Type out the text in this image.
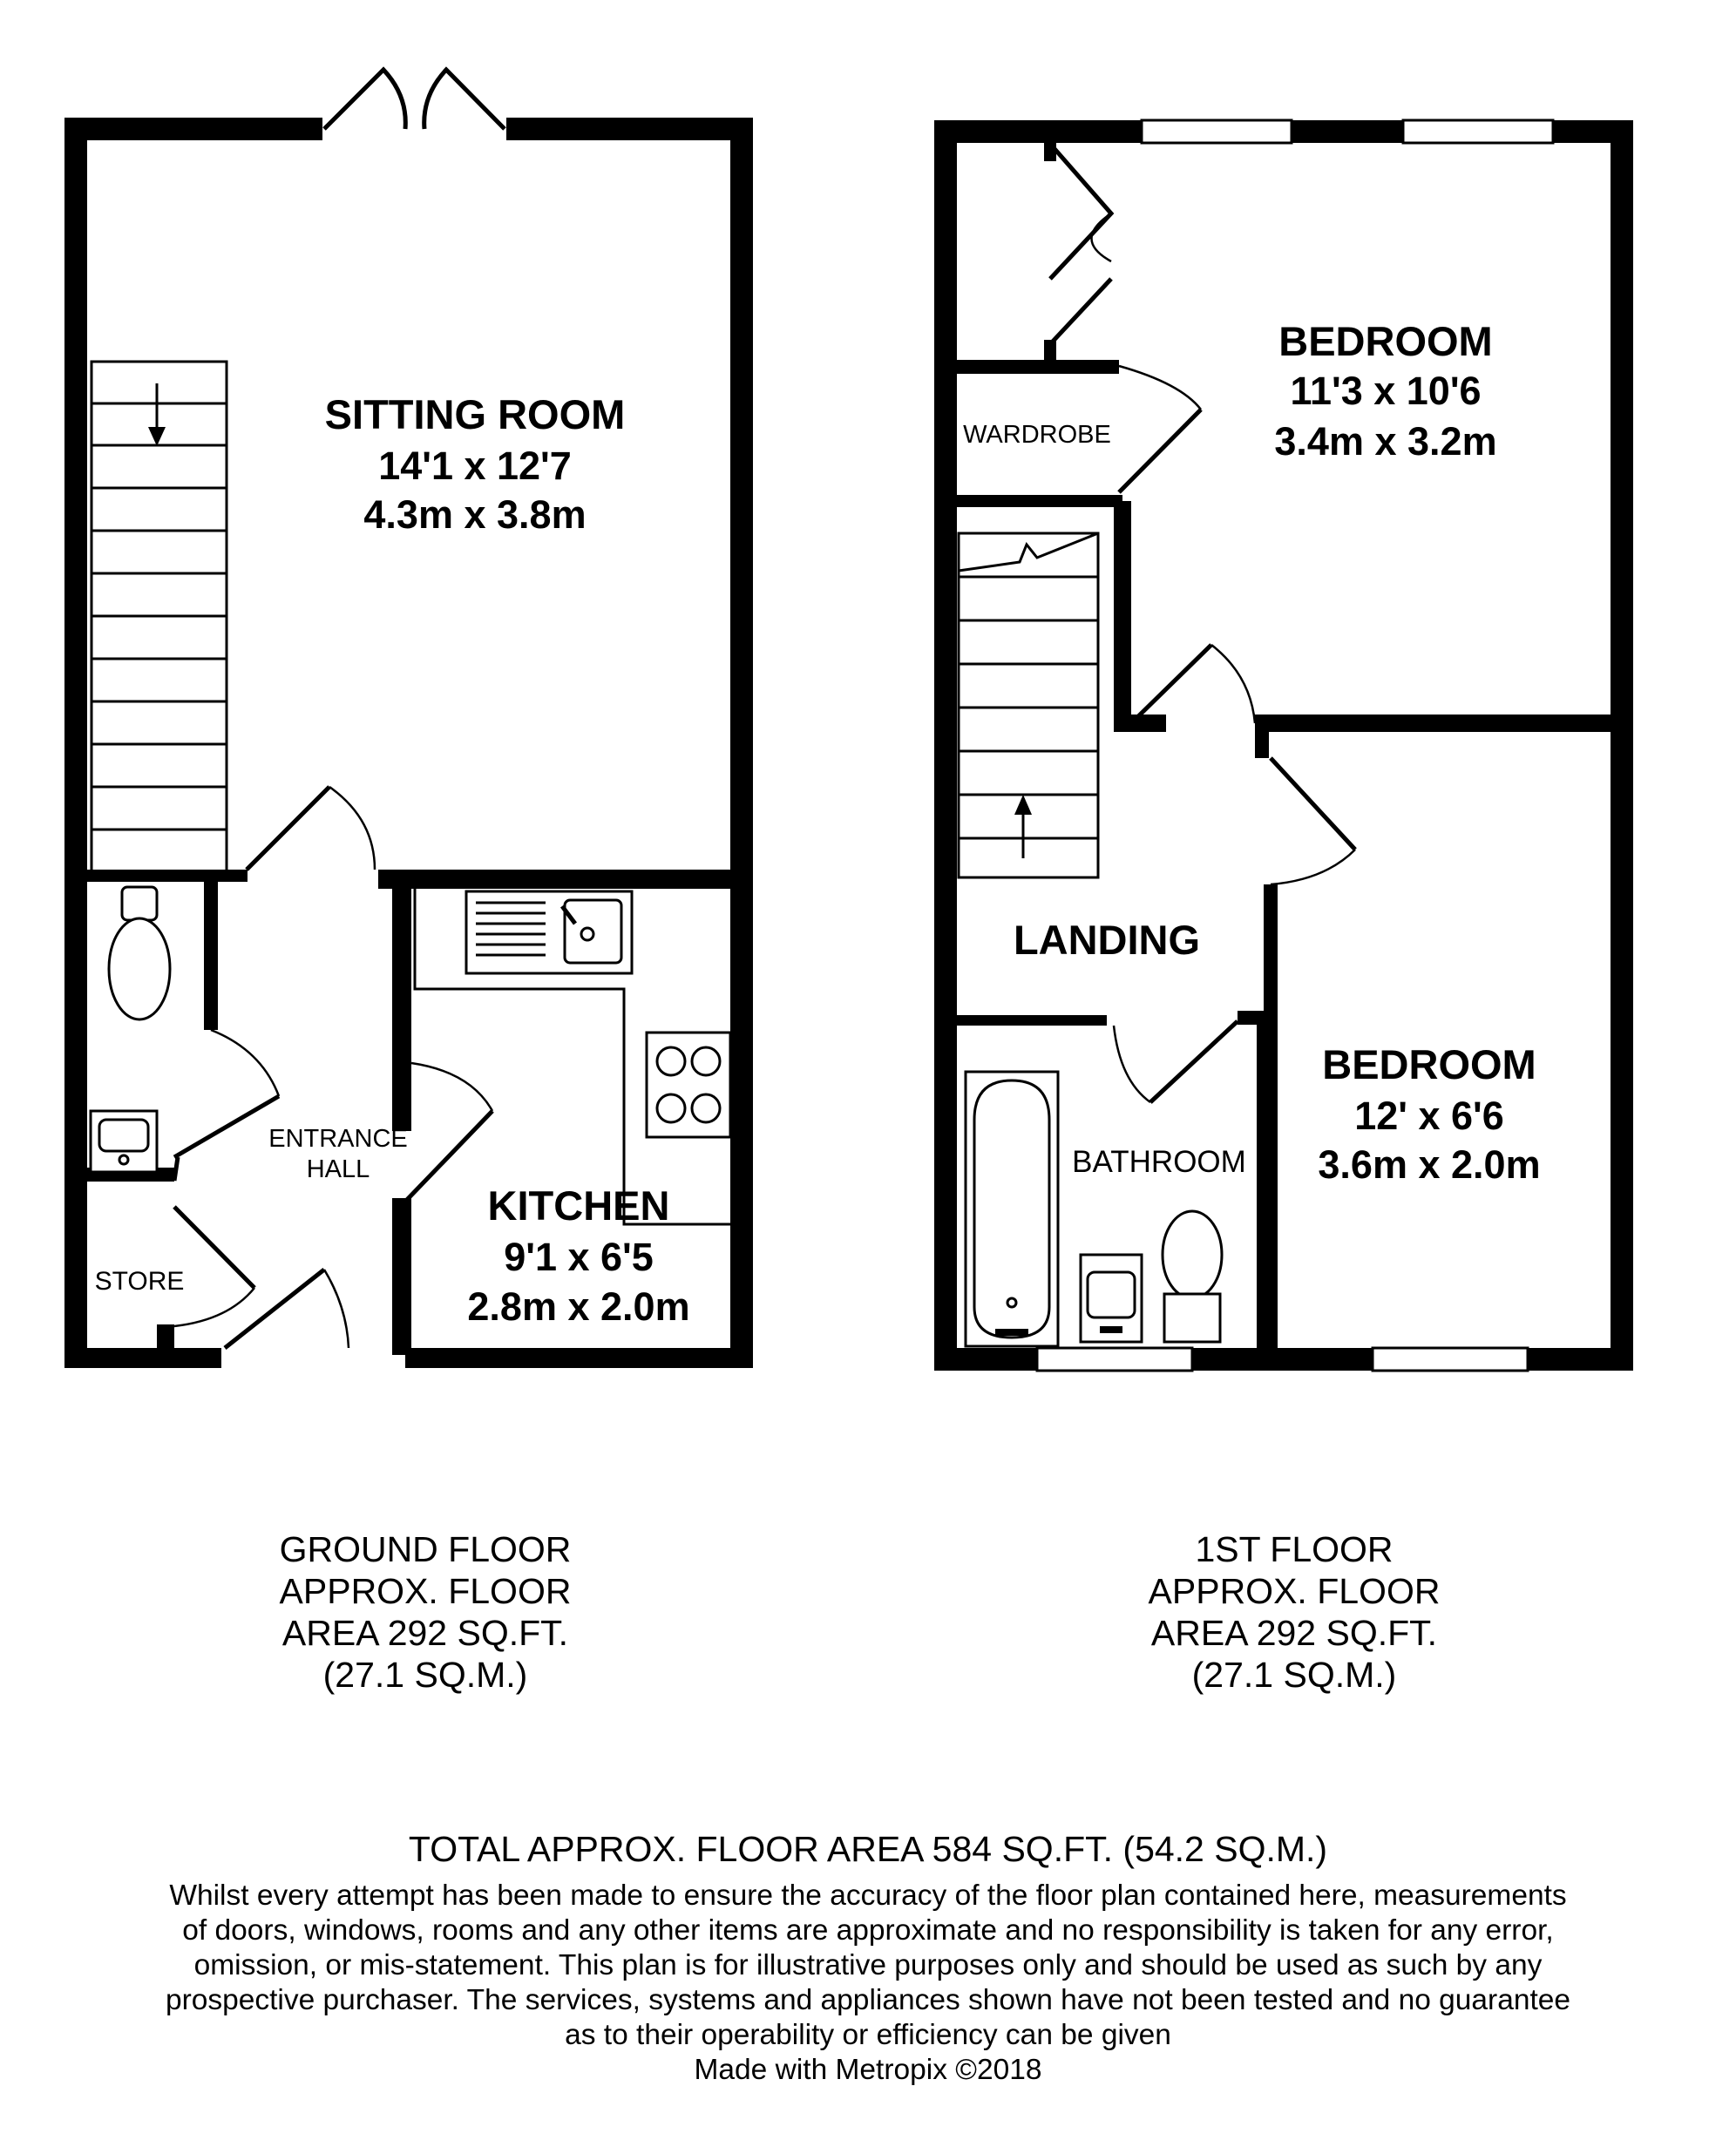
SITTING ROOM
14'1 x 12'7
4.3m x 3.8m
KITCHEN
9'1 x 6'5
2.8m x 2.0m
ENTRANCE
HALL
STORE
BEDROOM
11'3 x 10'6
3.4m x 3.2m
BEDROOM
12' x 6'6
3.6m x 2.0m
LANDING
BATHROOM
WARDROBE
GROUND FLOOR
APPROX. FLOOR
AREA 292 SQ.FT.
(27.1 SQ.M.)
1ST FLOOR
APPROX. FLOOR
AREA 292 SQ.FT.
(27.1 SQ.M.)
TOTAL APPROX. FLOOR AREA 584 SQ.FT. (54.2 SQ.M.)
Whilst every attempt has been made to ensure the accuracy of the floor plan contained here, measurements
of doors, windows, rooms and any other items are approximate and no responsibility is taken for any error,
omission, or mis-statement. This plan is for illustrative purposes only and should be used as such by any
prospective purchaser. The services, systems and appliances shown have not been tested and no guarantee
as to their operability or efficiency can be given
Made with Metropix ©2018
